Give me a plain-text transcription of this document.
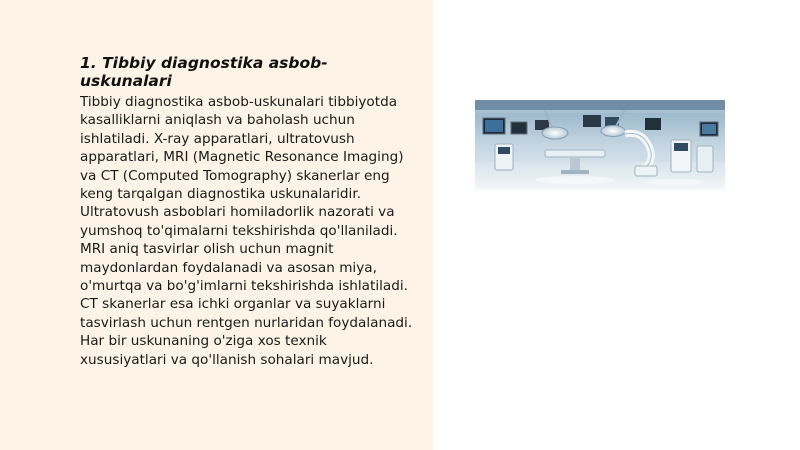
1. Tibbiy diagnostika asbob-uskunalari

Tibbiy diagnostika asbob-uskunalari tibbiyotda kasalliklarni aniqlash va baholash uchun ishlatiladi. X-ray apparatlari, ultratovush apparatlari, MRI (Magnetic Resonance Imaging) va CT (Computed Tomography) skanerlar eng keng tarqalgan diagnostika uskunalaridir. Ultratovush asboblari homiladorlik nazorati va yumshoq to'qimalarni tekshirishda qo'llaniladi. MRI aniq tasvirlar olish uchun magnit maydonlardan foydalanadi va asosan miya, o'murtqa va bo'g'imlarni tekshirishda ishlatiladi. CT skanerlar esa ichki organlar va suyaklarni tasvirlash uchun rentgen nurlaridan foydalanadi. Har bir uskunaning o'ziga xos texnik xususiyatlari va qo'llanish sohalari mavjud.
